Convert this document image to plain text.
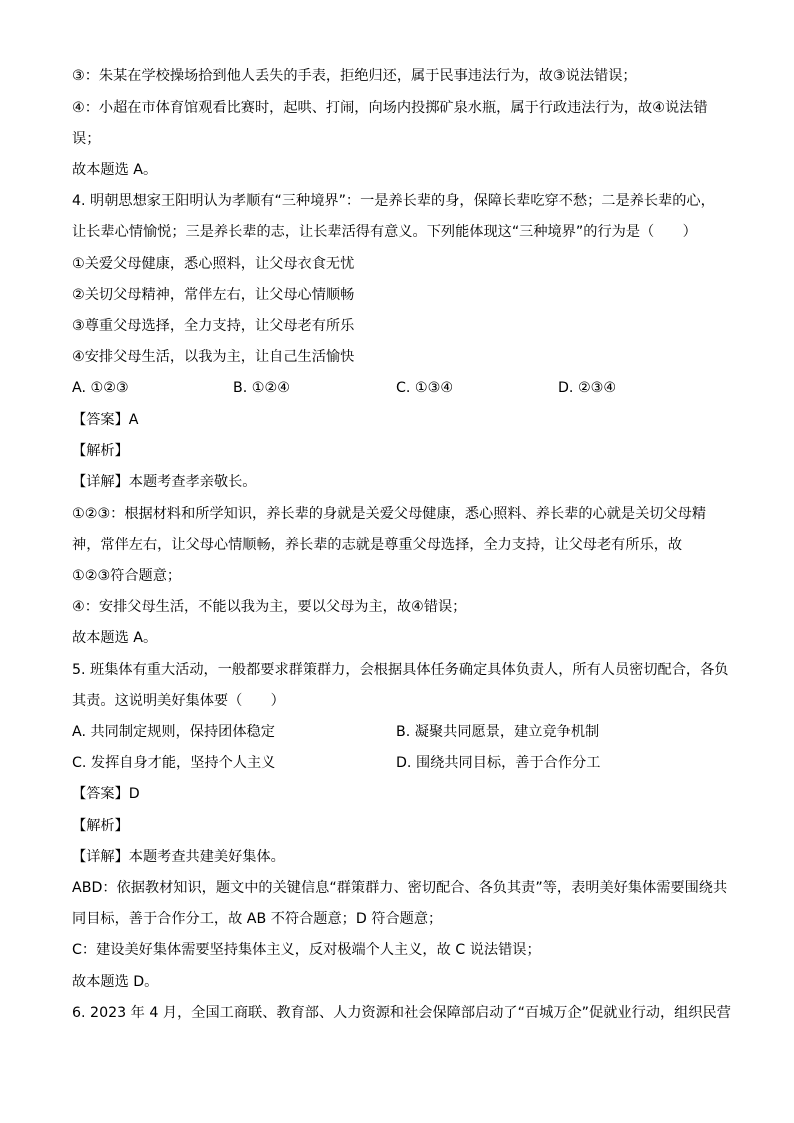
③：朱某在学校操场拾到他人丢失的手表，拒绝归还，属于民事违法行为，故③说法错误；
④：小超在市体育馆观看比赛时，起哄、打闹，向场内投掷矿泉水瓶，属于行政违法行为，故④说法错
误；
故本题选 A。
4. 明朝思想家王阳明认为孝顺有“三种境界”：一是养长辈的身，保障长辈吃穿不愁；二是养长辈的心，
让长辈心情愉悦；三是养长辈的志，让长辈活得有意义。下列能体现这“三种境界”的行为是（　　）
①关爱父母健康，悉心照料，让父母衣食无忧
②关切父母精神，常伴左右，让父母心情顺畅
③尊重父母选择，全力支持，让父母老有所乐
④安排父母生活，以我为主，让自己生活愉快
A. ①②③	B. ①②④	C. ①③④	D. ②③④
【答案】A
【解析】
【详解】本题考查孝亲敬长。
①②③：根据材料和所学知识，养长辈的身就是关爱父母健康，悉心照料、养长辈的心就是关切父母精
神，常伴左右，让父母心情顺畅，养长辈的志就是尊重父母选择，全力支持，让父母老有所乐，故
①②③符合题意；
④：安排父母生活，不能以我为主，要以父母为主，故④错误；
故本题选 A。
5. 班集体有重大活动，一般都要求群策群力，会根据具体任务确定具体负责人，所有人员密切配合，各负
其责。这说明美好集体要（　　）
A. 共同制定规则，保持团体稳定	B. 凝聚共同愿景，建立竞争机制
C. 发挥自身才能，坚持个人主义	D. 围绕共同目标，善于合作分工
【答案】D
【解析】
【详解】本题考查共建美好集体。
ABD：依据教材知识，题文中的关键信息“群策群力、密切配合、各负其责”等，表明美好集体需要围绕共
同目标，善于合作分工，故 AB 不符合题意；D 符合题意；
C：建设美好集体需要坚持集体主义，反对极端个人主义，故 C 说法错误；
故本题选 D。
6. 2023 年 4 月，全国工商联、教育部、人力资源和社会保障部启动了“百城万企”促就业行动，组织民营
